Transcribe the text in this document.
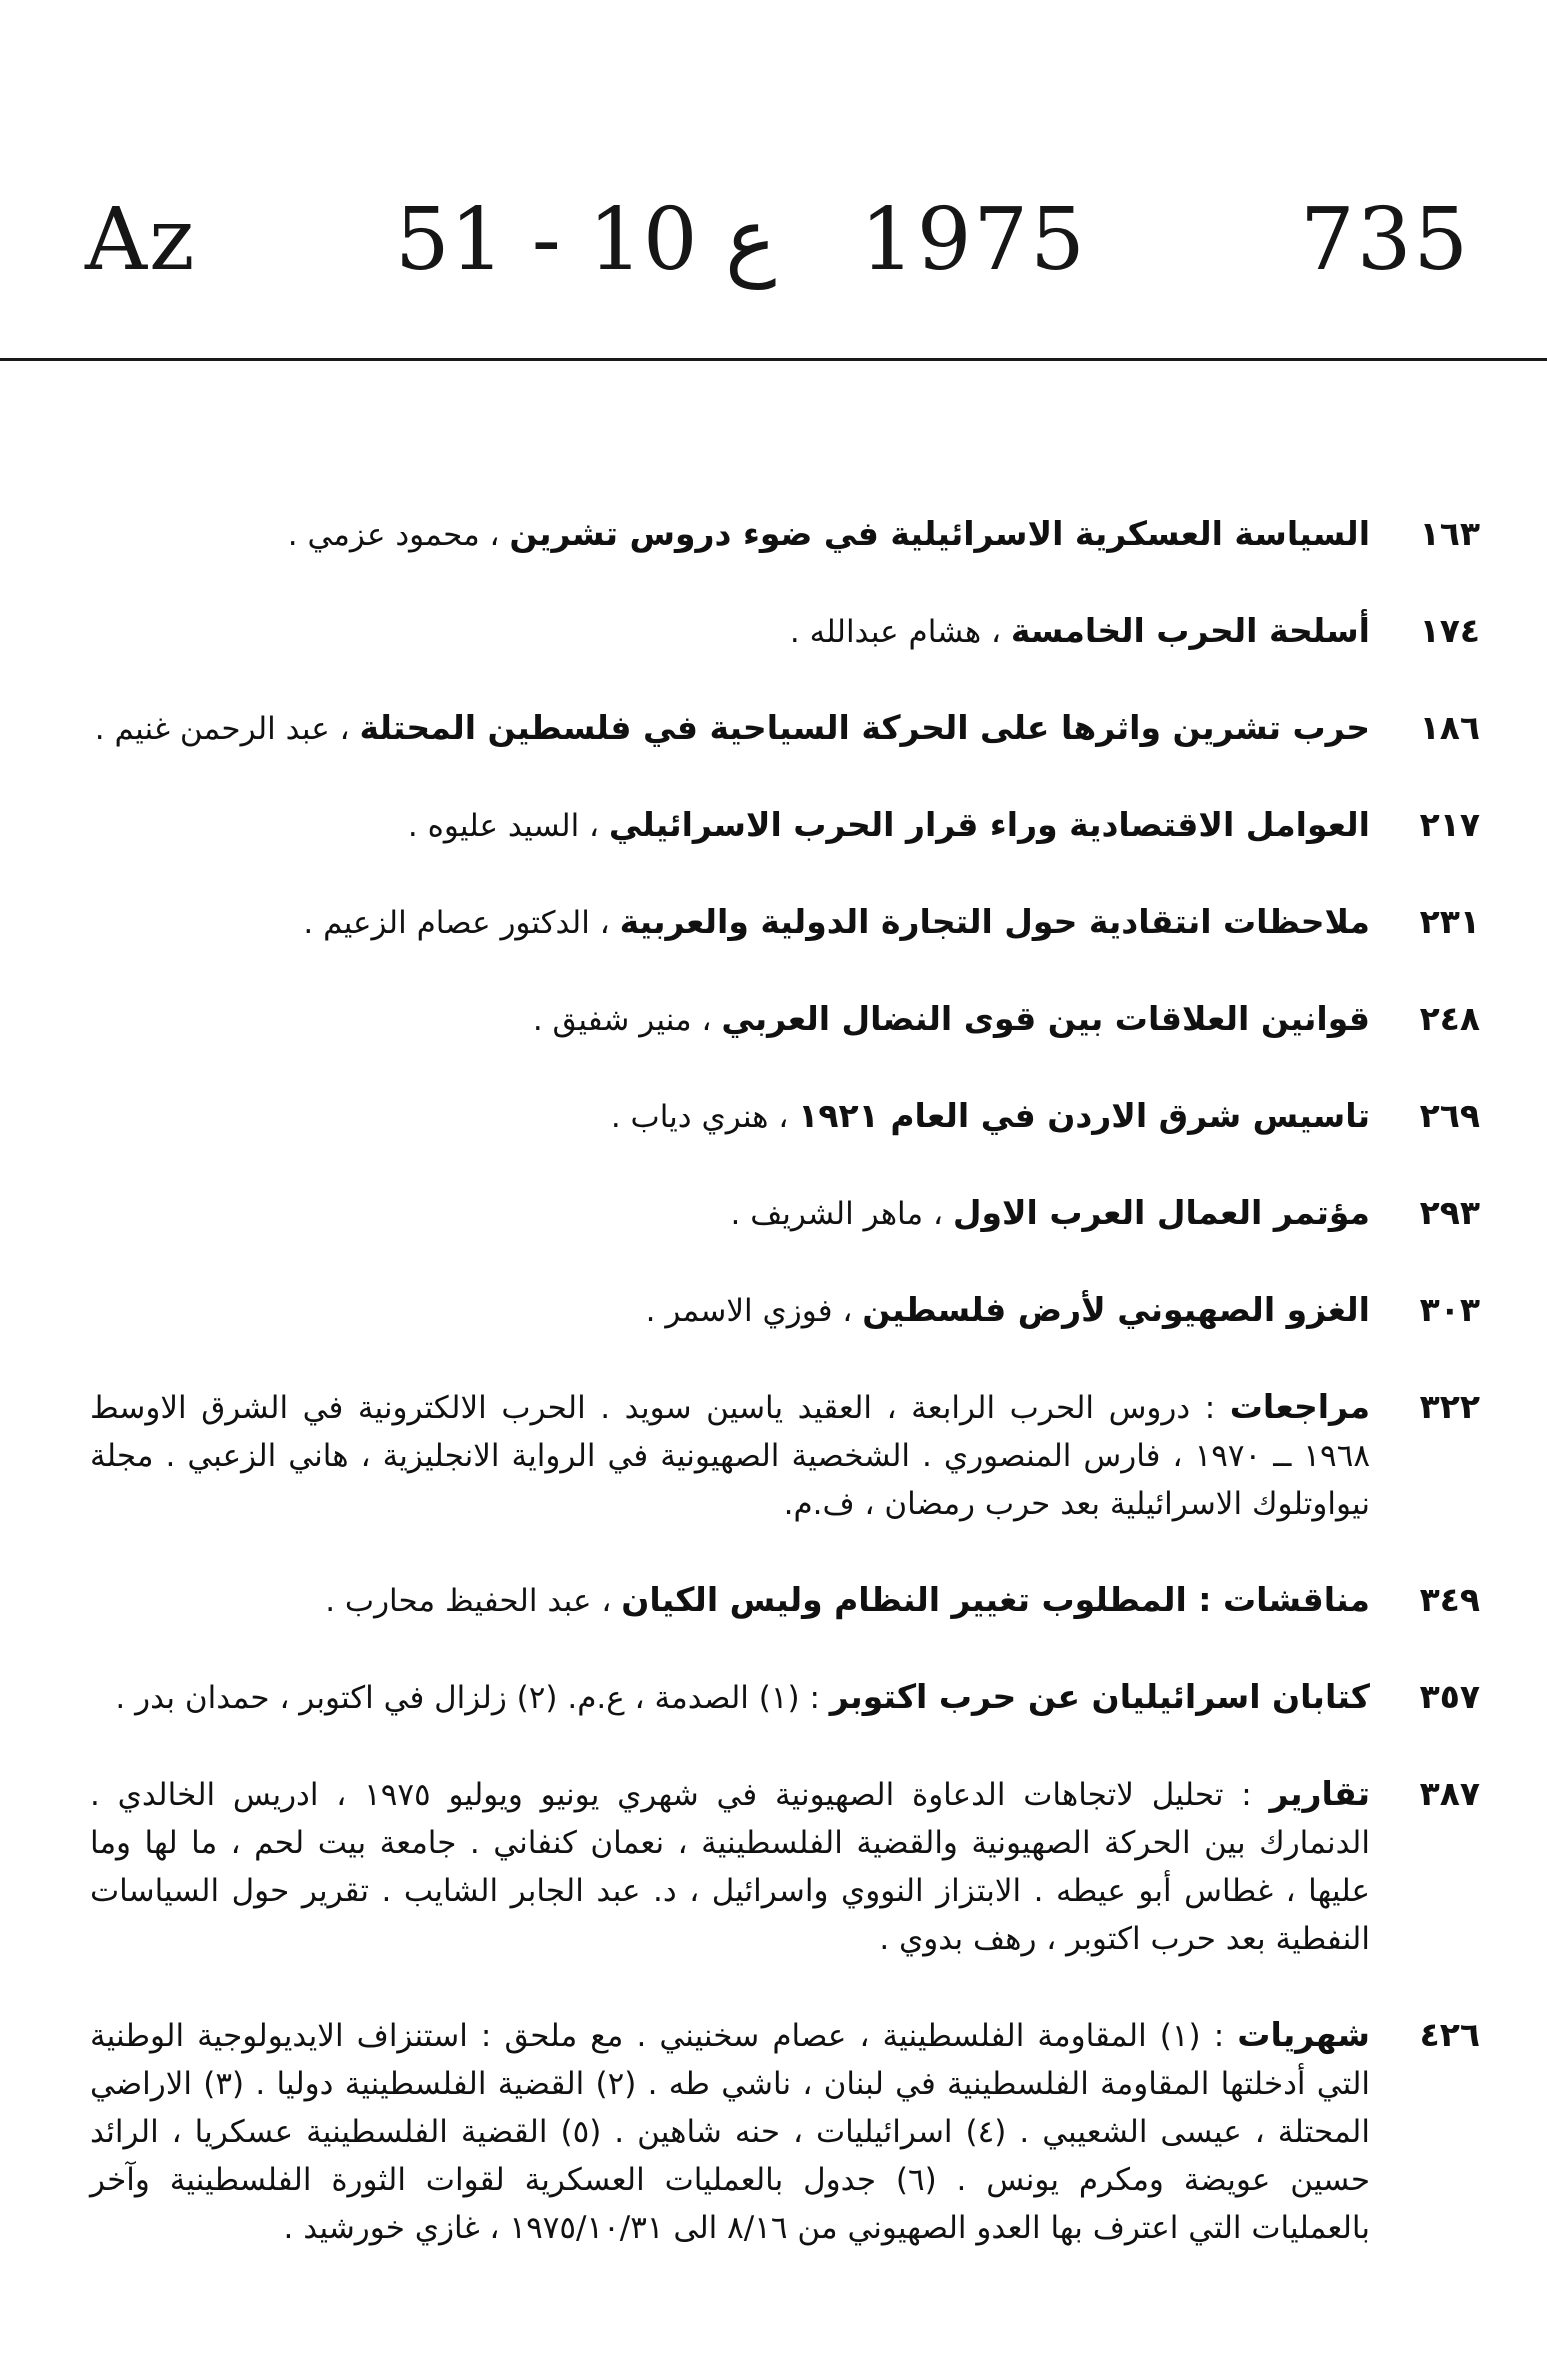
Az 51 - 10 ع 1975 735
١٦٣
السياسة العسكرية الاسرائيلية في ضوء دروس تشرين ، محمود عزمي .
١٧٤
أسلحة الحرب الخامسة ، هشام عبدالله .
١٨٦
حرب تشرين واثرها على الحركة السياحية في فلسطين المحتلة ، عبد الرحمن غنيم .
٢١٧
العوامل الاقتصادية وراء قرار الحرب الاسرائيلي ، السيد عليوه .
٢٣١
ملاحظات انتقادية حول التجارة الدولية والعربية ، الدكتور عصام الزعيم .
٢٤٨
قوانين العلاقات بين قوى النضال العربي ، منير شفيق .
٢٦٩
تاسيس شرق الاردن في العام ١٩٢١ ، هنري دياب .
٢٩٣
مؤتمر العمال العرب الاول ، ماهر الشريف .
٣٠٣
الغزو الصهيوني لأرض فلسطين ، فوزي الاسمر .
٣٢٢
مراجعات : دروس الحرب الرابعة ، العقيد ياسين سويد . الحرب الالكترونية في الشرق الاوسط ١٩٦٨ ــ ١٩٧٠ ، فارس المنصوري . الشخصية الصهيونية في الرواية الانجليزية ، هاني الزعبي . مجلة نيواوتلوك الاسرائيلية بعد حرب رمضان ، ف.م.
٣٤٩
مناقشات : المطلوب تغيير النظام وليس الكيان ، عبد الحفيظ محارب .
٣٥٧
كتابان اسرائيليان عن حرب اكتوبر : (١) الصدمة ، ع.م. (٢) زلزال في اكتوبر ، حمدان بدر .
٣٨٧
تقارير : تحليل لاتجاهات الدعاوة الصهيونية في شهري يونيو ويوليو ١٩٧٥ ، ادريس الخالدي . الدنمارك بين الحركة الصهيونية والقضية الفلسطينية ، نعمان كنفاني . جامعة بيت لحم ، ما لها وما عليها ، غطاس أبو عيطه . الابتزاز النووي واسرائيل ، د. عبد الجابر الشايب . تقرير حول السياسات النفطية بعد حرب اكتوبر ، رهف بدوي .
٤٢٦
شهريات : (١) المقاومة الفلسطينية ، عصام سخنيني . مع ملحق : استنزاف الايديولوجية الوطنية التي أدخلتها المقاومة الفلسطينية في لبنان ، ناشي طه . (٢) القضية الفلسطينية دوليا . (٣) الاراضي المحتلة ، عيسى الشعيبي . (٤) اسرائيليات ، حنه شاهين . (٥) القضية الفلسطينية عسكريا ، الرائد حسين عويضة ومكرم يونس . (٦) جدول بالعمليات العسكرية لقوات الثورة الفلسطينية وآخر بالعمليات التي اعترف بها العدو الصهيوني من ٨/١٦ الى ١٩٧٥/١٠/٣١ ، غازي خورشيد .
